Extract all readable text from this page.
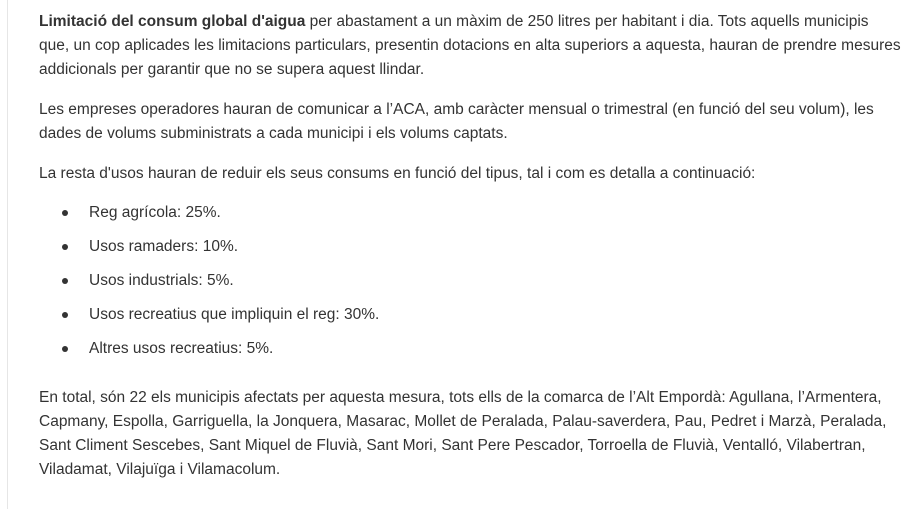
Limitació del consum global d'aigua per abastament a un màxim de 250 litres per habitant i dia. Tots aquells municipis que, un cop aplicades les limitacions particulars, presentin dotacions en alta superiors a aquesta, hauran de prendre mesures addicionals per garantir que no se supera aquest llindar.

Les empreses operadores hauran de comunicar a l’ACA, amb caràcter mensual o trimestral (en funció del seu volum), les dades de volums subministrats a cada municipi i els volums captats.

La resta d'usos hauran de reduir els seus consums en funció del tipus, tal i com es detalla a continuació:

Reg agrícola: 25%.
Usos ramaders: 10%.
Usos industrials: 5%.
Usos recreatius que impliquin el reg: 30%.
Altres usos recreatius: 5%.

En total, són 22 els municipis afectats per aquesta mesura, tots ells de la comarca de l’Alt Empordà: Agullana, l’Armentera, Capmany, Espolla, Garriguella, la Jonquera, Masarac, Mollet de Peralada, Palau-saverdera, Pau, Pedret i Marzà, Peralada, Sant Climent Sescebes, Sant Miquel de Fluvià, Sant Mori, Sant Pere Pescador, Torroella de Fluvià, Ventalló, Vilabertran, Viladamat, Vilajuïga i Vilamacolum.
